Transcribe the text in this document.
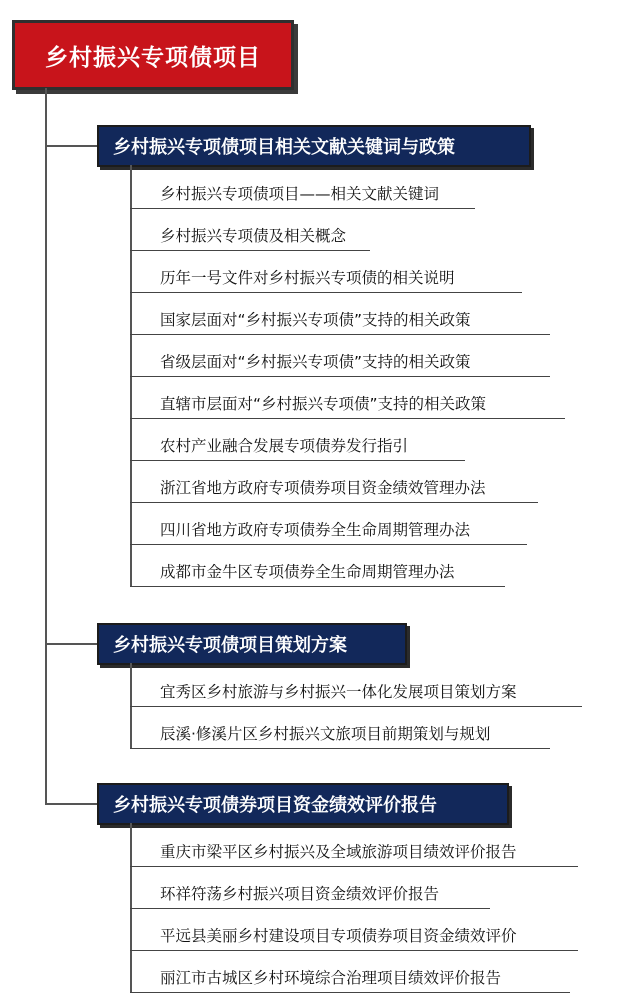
乡村振兴专项债项目
乡村振兴专项债项目相关文献关键词与政策
乡村振兴专项债项目——相关文献关键词
乡村振兴专项债及相关概念
历年一号文件对乡村振兴专项债的相关说明
国家层面对“乡村振兴专项债”支持的相关政策
省级层面对“乡村振兴专项债”支持的相关政策
直辖市层面对“乡村振兴专项债”支持的相关政策
农村产业融合发展专项债券发行指引
浙江省地方政府专项债券项目资金绩效管理办法
四川省地方政府专项债券全生命周期管理办法
成都市金牛区专项债券全生命周期管理办法
乡村振兴专项债项目策划方案
宜秀区乡村旅游与乡村振兴一体化发展项目策划方案
辰溪·修溪片区乡村振兴文旅项目前期策划与规划
乡村振兴专项债券项目资金绩效评价报告
重庆市梁平区乡村振兴及全域旅游项目绩效评价报告
环祥符荡乡村振兴项目资金绩效评价报告
平远县美丽乡村建设项目专项债券项目资金绩效评价
丽江市古城区乡村环境综合治理项目绩效评价报告
